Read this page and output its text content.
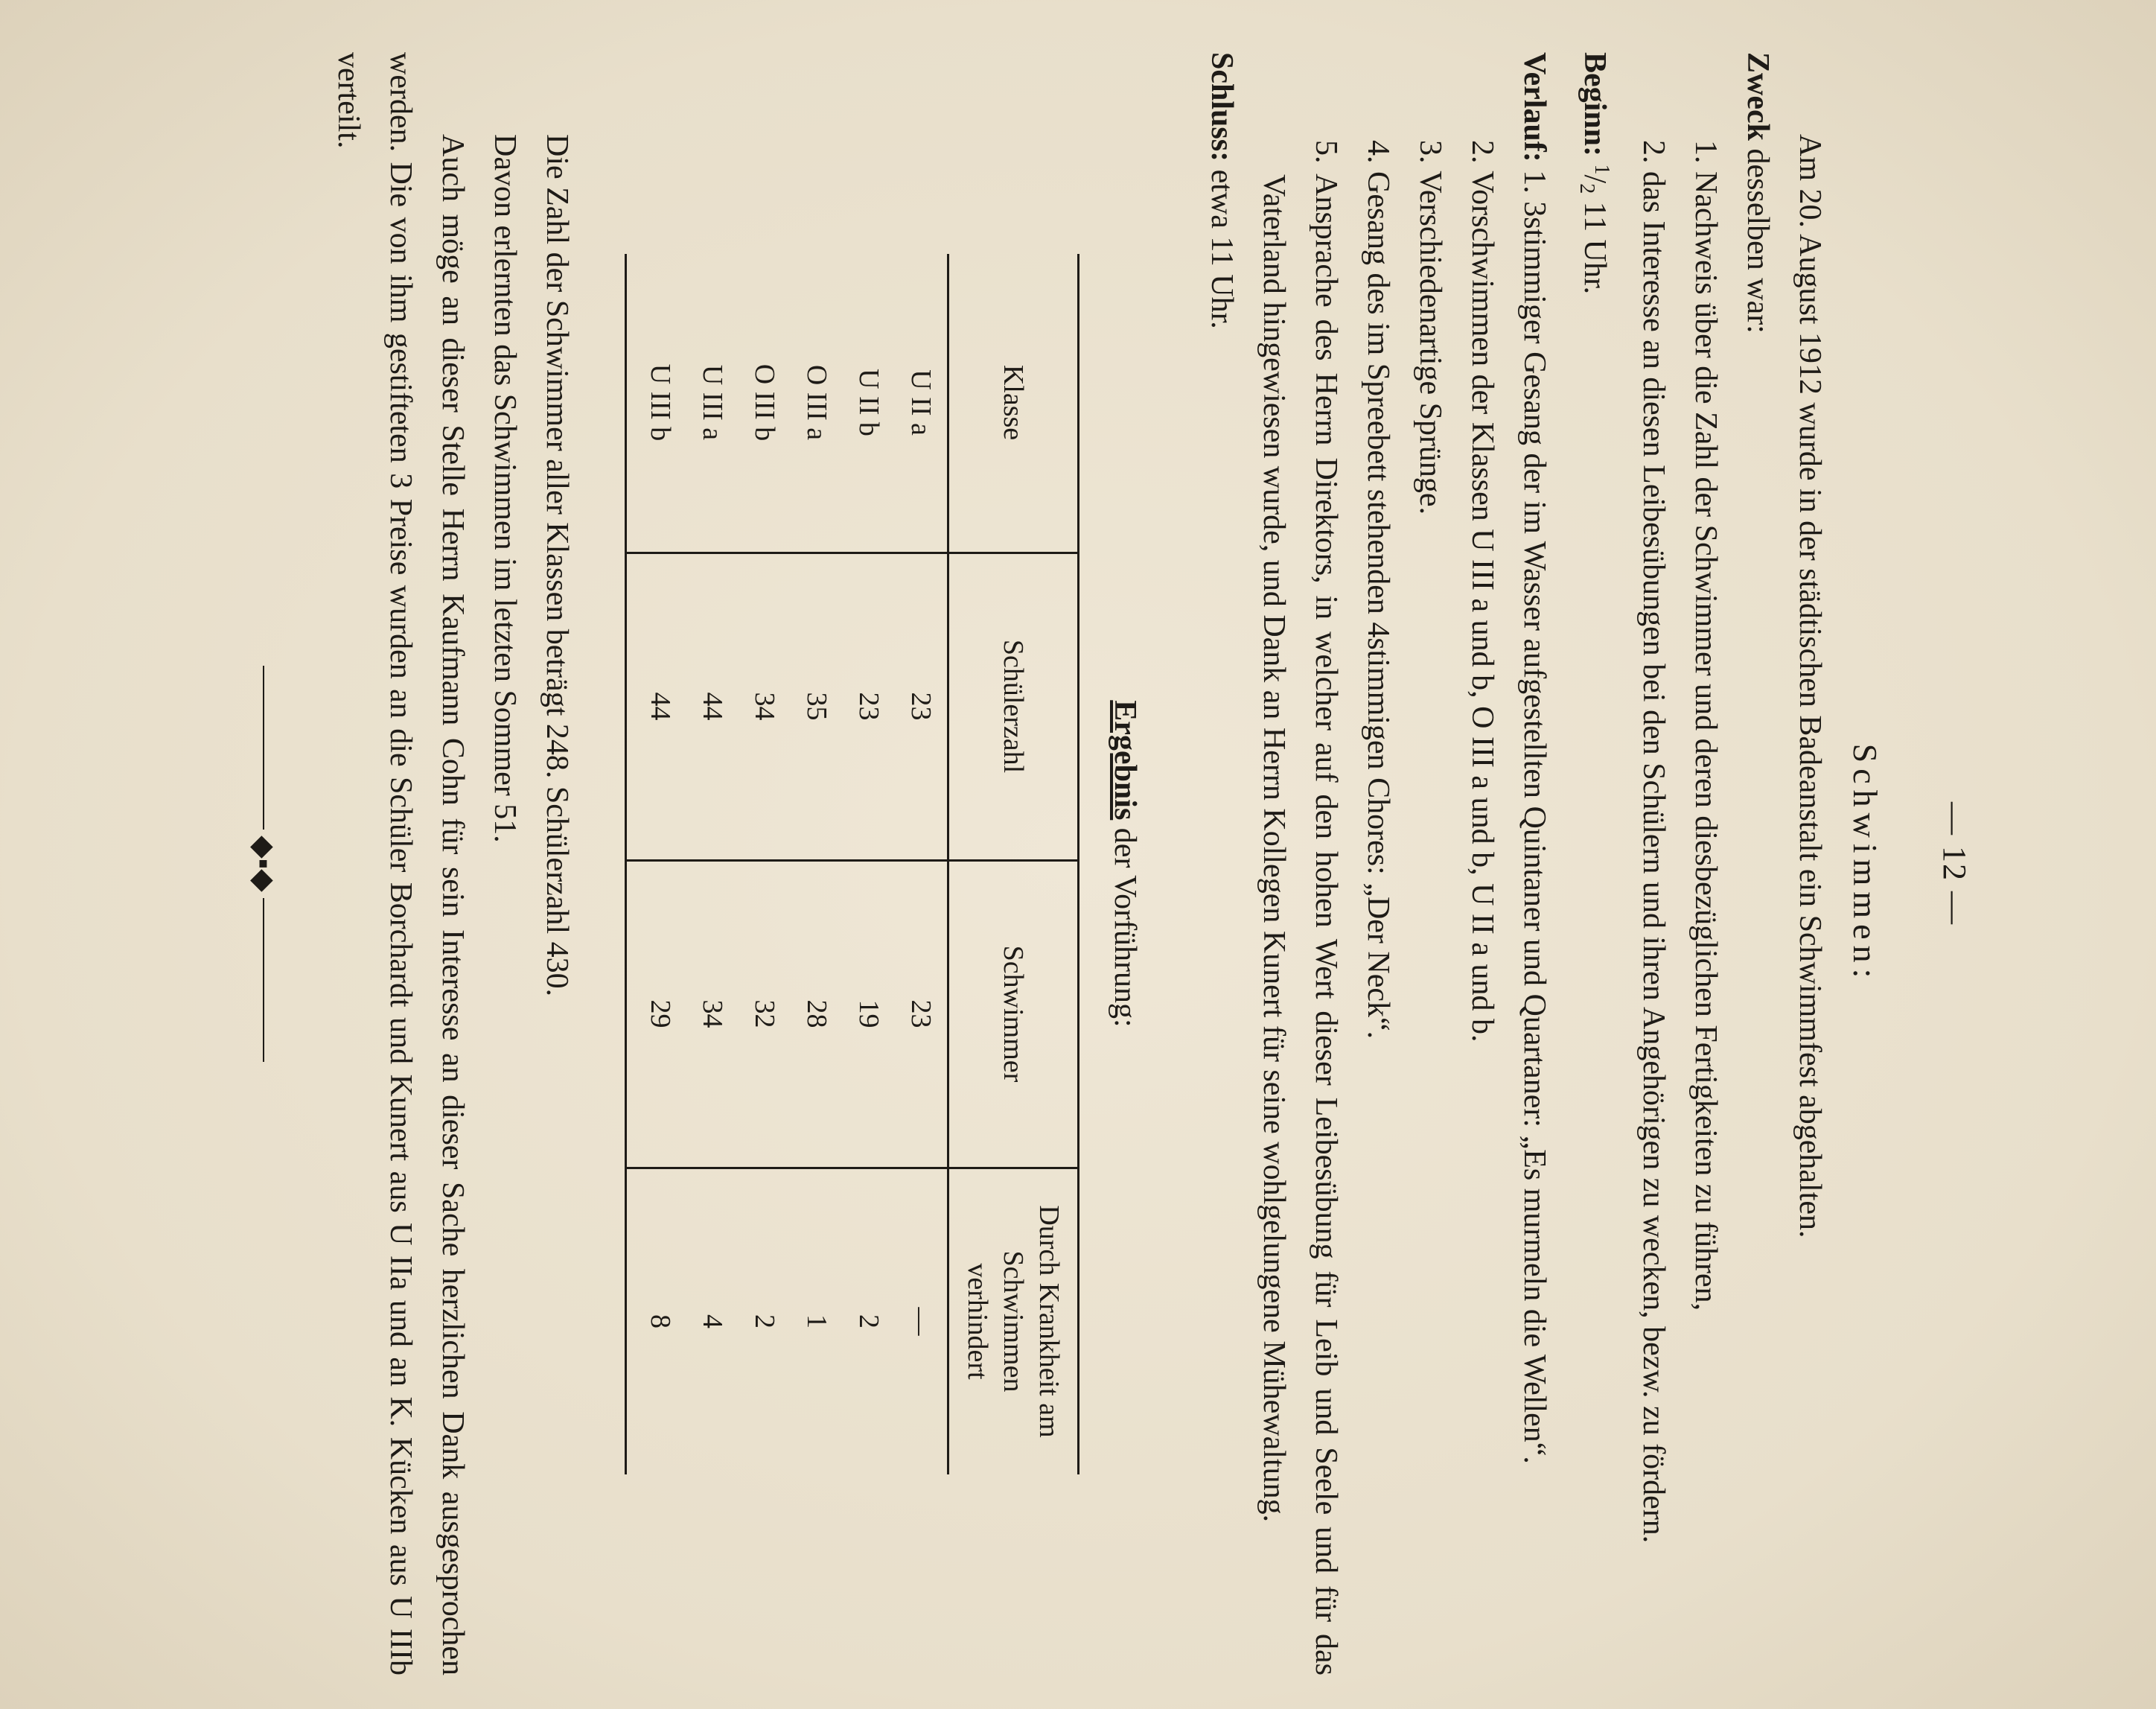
— 12 —
Schwimmen:

Am 20. August 1912 wurde in der städtischen Badeanstalt ein Schwimmfest abgehalten.

Zweck desselben war:

1. Nachweis über die Zahl der Schwimmer und deren diesbezüglichen Fertigkeiten zu führen,
2. das Interesse an diesen Leibesübungen bei den Schülern und ihren Angehörigen zu wecken, bezw. zu fördern.

Beginn: $^1/_2$ 11 Uhr.

Verlauf: 1. 3stimmiger Gesang der im Wasser aufgestellten Quintaner und Quartaner: „Es murmeln die Wellen“.

2. Vorschwimmen der Klassen U III a und b, O III a und b, U II a und b.
3. Verschiedenartige Sprünge.
4. Gesang des im Spreebett stehenden 4stimmigen Chores: „Der Neck“.
5. Ansprache des Herrn Direktors, in welcher auf den hohen Wert dieser Leibesübung für Leib und Seele und für das Vaterland hingewiesen wurde, und Dank an Herrn Kollegen Kunert für seine wohlgelungene Mühewaltung.

Schluss: etwa 11 Uhr.

Ergebnis der Vorführung:

Klasse	Schülerzahl	Schwimmer	Durch Krankheit am Schwimmen verhindert
U II a	23	23	—
U II b	23	19	2
O III a	35	28	1
O III b	34	32	2
U III a	44	34	4
U III b	44	29	8

Die Zahl der Schwimmer aller Klassen beträgt 248. Schülerzahl 430.

Davon erlernten das Schwimmen im letzten Sommer 51.

Auch möge an dieser Stelle Herrn Kaufmann Cohn für sein Interesse an dieser Sache herzlichen Dank ausgesprochen werden. Die von ihm gestifteten 3 Preise wurden an die Schüler Borchardt und Kunert aus U IIa und an K. Kücken aus U IIIb verteilt.

◆▪◆
